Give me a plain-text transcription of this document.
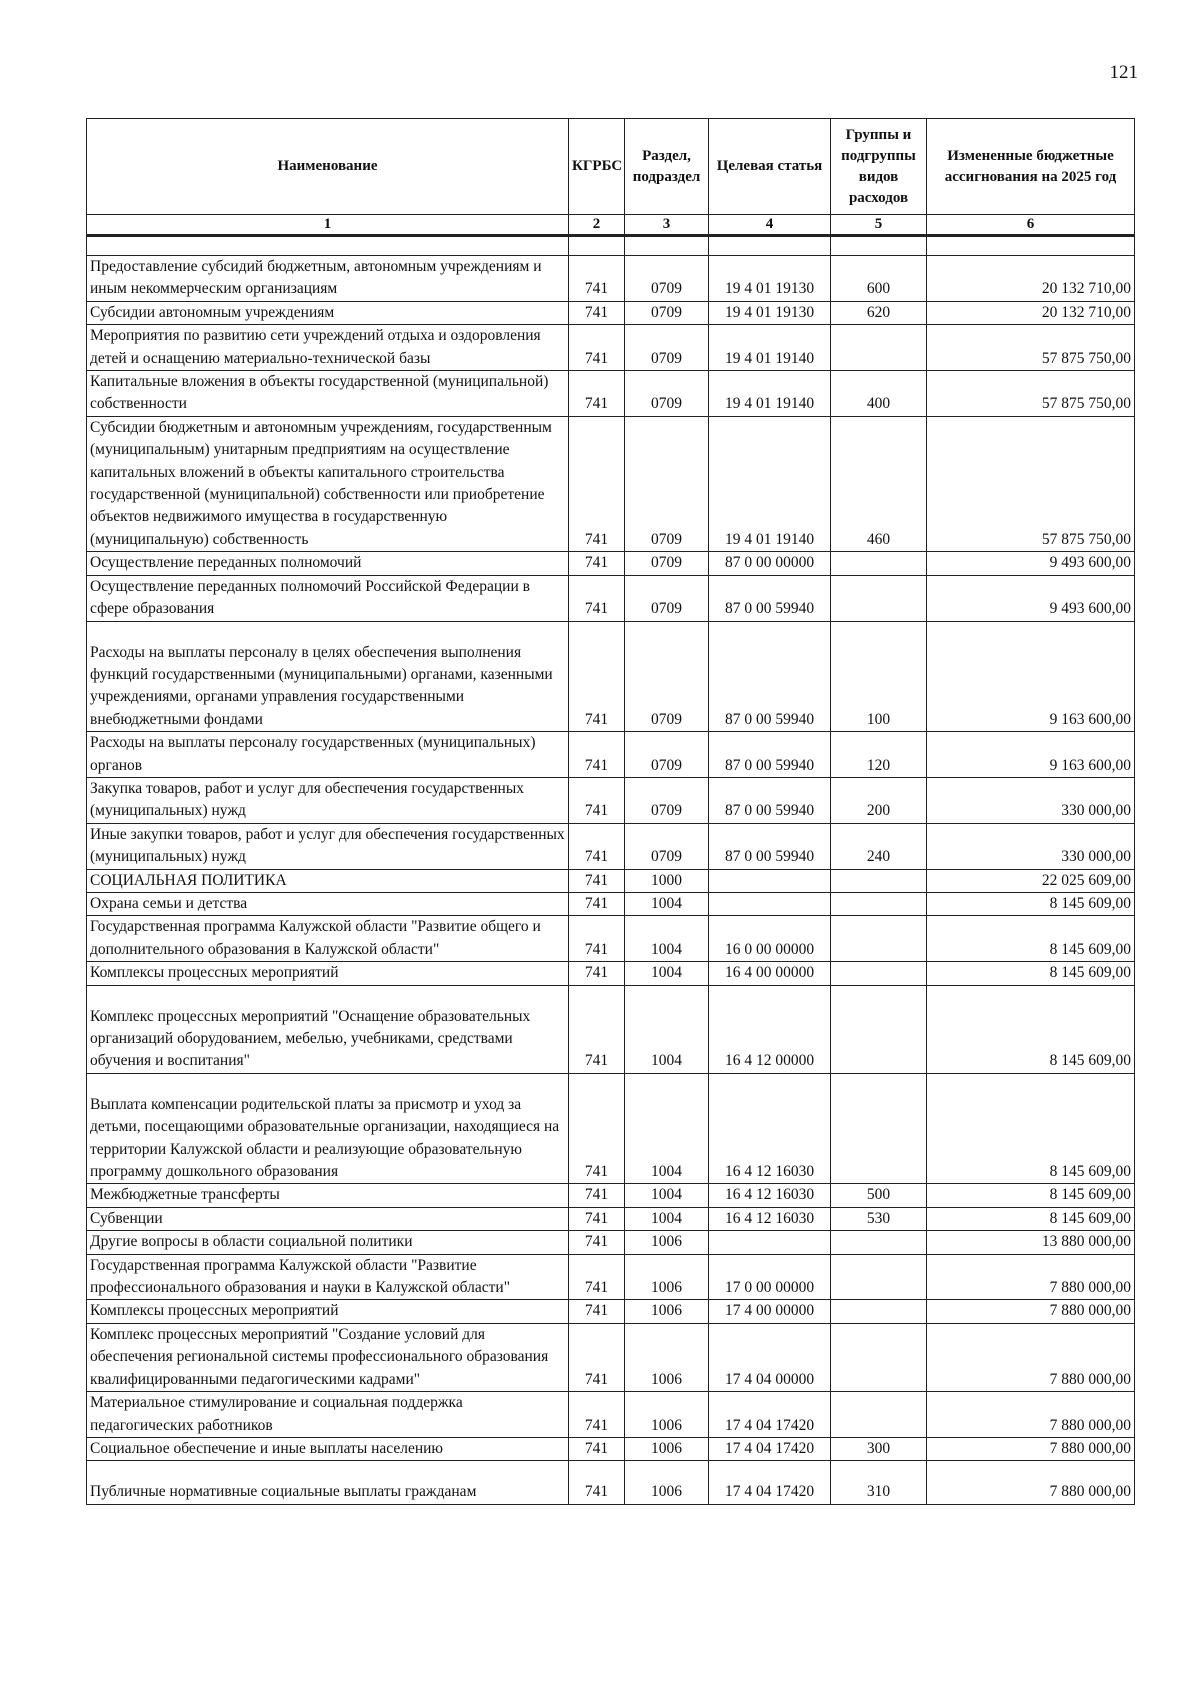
121
Наименование	КГРБС	Раздел, подраздел	Целевая статья	Группы и подгруппы видов расходов	Измененные бюджетные ассигнования на 2025 год
1	2	3	4	5	6

Предоставление субсидий бюджетным, автономным учреждениям и иным некоммерческим организациям	741	0709	19 4 01 19130	600	20 132 710,00
Субсидии автономным учреждениям	741	0709	19 4 01 19130	620	20 132 710,00
Мероприятия по развитию сети учреждений отдыха и оздоровления детей и оснащению материально-технической базы	741	0709	19 4 01 19140		57 875 750,00
Капитальные вложения в объекты государственной (муниципальной) собственности	741	0709	19 4 01 19140	400	57 875 750,00
Субсидии бюджетным и автономным учреждениям, государственным (муниципальным) унитарным предприятиям на осуществление капитальных вложений в объекты капитального строительства государственной (муниципальной) собственности или приобретение объектов недвижимого имущества в государственную (муниципальную) собственность	741	0709	19 4 01 19140	460	57 875 750,00
Осуществление переданных полномочий	741	0709	87 0 00 00000		9 493 600,00
Осуществление переданных полномочий Российской Федерации в сфере образования	741	0709	87 0 00 59940		9 493 600,00
Расходы на выплаты персоналу в целях обеспечения выполнения функций государственными (муниципальными) органами, казенными учреждениями, органами управления государственными внебюджетными фондами	741	0709	87 0 00 59940	100	9 163 600,00
Расходы на выплаты персоналу государственных (муниципальных) органов	741	0709	87 0 00 59940	120	9 163 600,00
Закупка товаров, работ и услуг для обеспечения государственных (муниципальных) нужд	741	0709	87 0 00 59940	200	330 000,00
Иные закупки товаров, работ и услуг для обеспечения государственных (муниципальных) нужд	741	0709	87 0 00 59940	240	330 000,00
СОЦИАЛЬНАЯ ПОЛИТИКА	741	1000			22 025 609,00
Охрана семьи и детства	741	1004			8 145 609,00
Государственная программа Калужской области "Развитие общего и дополнительного образования в Калужской области"	741	1004	16 0 00 00000		8 145 609,00
Комплексы процессных мероприятий	741	1004	16 4 00 00000		8 145 609,00
Комплекс процессных мероприятий "Оснащение образовательных организаций оборудованием, мебелью, учебниками, средствами обучения и воспитания"	741	1004	16 4 12 00000		8 145 609,00
Выплата компенсации родительской платы за присмотр и уход за детьми, посещающими образовательные организации, находящиеся на территории Калужской области и реализующие образовательную программу дошкольного образования	741	1004	16 4 12 16030		8 145 609,00
Межбюджетные трансферты	741	1004	16 4 12 16030	500	8 145 609,00
Субвенции	741	1004	16 4 12 16030	530	8 145 609,00
Другие вопросы в области социальной политики	741	1006			13 880 000,00
Государственная программа Калужской области "Развитие профессионального образования и науки в Калужской области"	741	1006	17 0 00 00000		7 880 000,00
Комплексы процессных мероприятий	741	1006	17 4 00 00000		7 880 000,00
Комплекс процессных мероприятий "Создание условий для обеспечения региональной системы профессионального образования квалифицированными педагогическими кадрами"	741	1006	17 4 04 00000		7 880 000,00
Материальное стимулирование и социальная поддержка педагогических работников	741	1006	17 4 04 17420		7 880 000,00
Социальное обеспечение и иные выплаты населению	741	1006	17 4 04 17420	300	7 880 000,00
Публичные нормативные социальные выплаты гражданам	741	1006	17 4 04 17420	310	7 880 000,00
